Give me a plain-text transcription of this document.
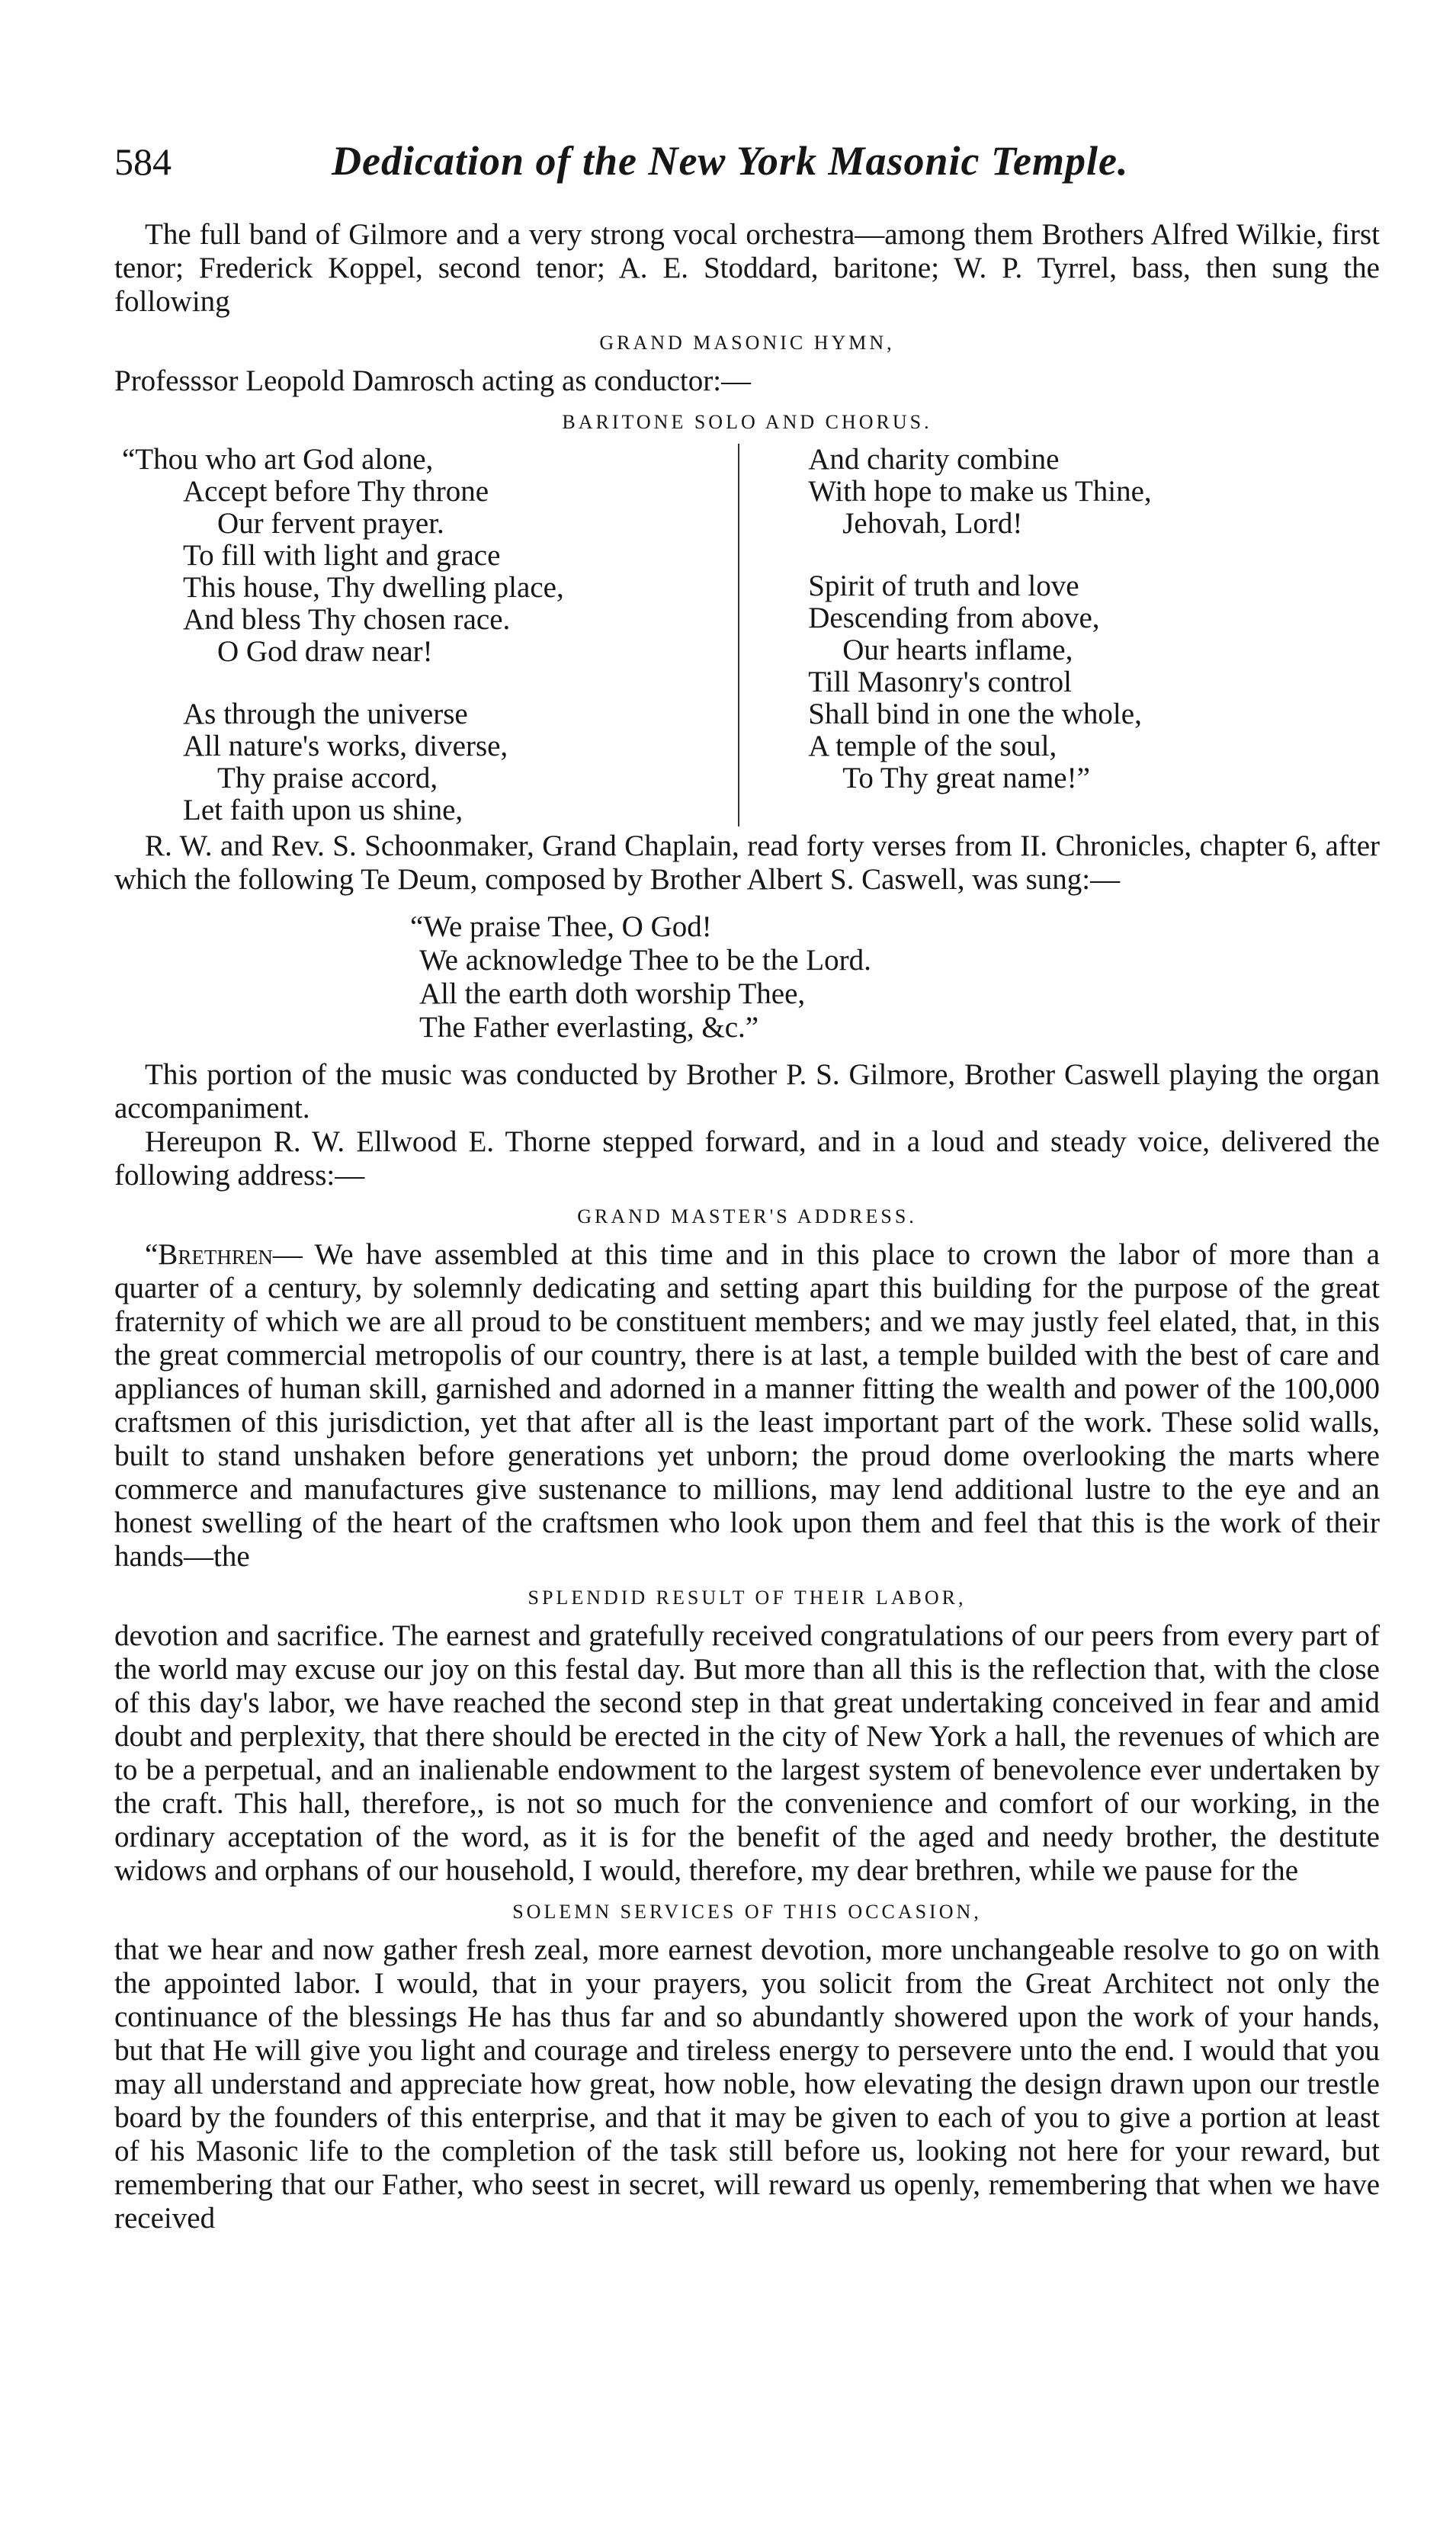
584	Dedication of the New York Masonic Temple.

The full band of Gilmore and a very strong vocal orchestra—among them Brothers Alfred Wilkie, first tenor; Frederick Koppel, second tenor; A. E. Stoddard, baritone; W. P. Tyrrel, bass, then sung the following

GRAND MASONIC HYMN,

Professsor Leopold Damrosch acting as conductor:—

BARITONE SOLO AND CHORUS.
“Thou who art God alone,
Accept before Thy throne
Our fervent prayer.
To fill with light and grace
This house, Thy dwelling place,
And bless Thy chosen race.
O God draw near!
As through the universe
All nature's works, diverse,
Thy praise accord,
Let faith upon us shine,
And charity combine
With hope to make us Thine,
Jehovah, Lord!
Spirit of truth and love
Descending from above,
Our hearts inflame,
Till Masonry's control
Shall bind in one the whole,
A temple of the soul,
To Thy great name!”

R. W. and Rev. S. Schoonmaker, Grand Chaplain, read forty verses from II. Chronicles, chapter 6, after which the following Te Deum, composed by Brother Albert S. Caswell, was sung:—

“We praise Thee, O God!
We acknowledge Thee to be the Lord.
All the earth doth worship Thee,
The Father everlasting, &c.”

This portion of the music was conducted by Brother P. S. Gilmore, Brother Caswell playing the organ accompaniment.

Hereupon R. W. Ellwood E. Thorne stepped forward, and in a loud and steady voice, delivered the following address:—

GRAND MASTER'S ADDRESS.

“Brethren— We have assembled at this time and in this place to crown the labor of more than a quarter of a century, by solemnly dedicating and setting apart this building for the purpose of the great fraternity of which we are all proud to be constituent members; and we may justly feel elated, that, in this the great commercial metropolis of our country, there is at last, a temple builded with the best of care and appliances of human skill, garnished and adorned in a manner fitting the wealth and power of the 100,000 craftsmen of this jurisdiction, yet that after all is the least important part of the work. These solid walls, built to stand unshaken before generations yet unborn; the proud dome overlooking the marts where commerce and manufactures give sustenance to millions, may lend additional lustre to the eye and an honest swelling of the heart of the craftsmen who look upon them and feel that this is the work of their hands—the

SPLENDID RESULT OF THEIR LABOR,

devotion and sacrifice. The earnest and gratefully received congratulations of our peers from every part of the world may excuse our joy on this festal day. But more than all this is the reflection that, with the close of this day's labor, we have reached the second step in that great undertaking conceived in fear and amid doubt and perplexity, that there should be erected in the city of New York a hall, the revenues of which are to be a perpetual, and an inalienable endowment to the largest system of benevolence ever undertaken by the craft. This hall, therefore,, is not so much for the convenience and comfort of our working, in the ordinary acceptation of the word, as it is for the benefit of the aged and needy brother, the destitute widows and orphans of our household, I would, therefore, my dear brethren, while we pause for the

SOLEMN SERVICES OF THIS OCCASION,

that we hear and now gather fresh zeal, more earnest devotion, more unchangeable resolve to go on with the appointed labor. I would, that in your prayers, you solicit from the Great Architect not only the continuance of the blessings He has thus far and so abundantly showered upon the work of your hands, but that He will give you light and courage and tireless energy to persevere unto the end. I would that you may all understand and appreciate how great, how noble, how elevating the design drawn upon our trestle board by the founders of this enterprise, and that it may be given to each of you to give a portion at least of his Masonic life to the completion of the task still before us, looking not here for your reward, but remembering that our Father, who seest in secret, will reward us openly, remembering that when we have received
